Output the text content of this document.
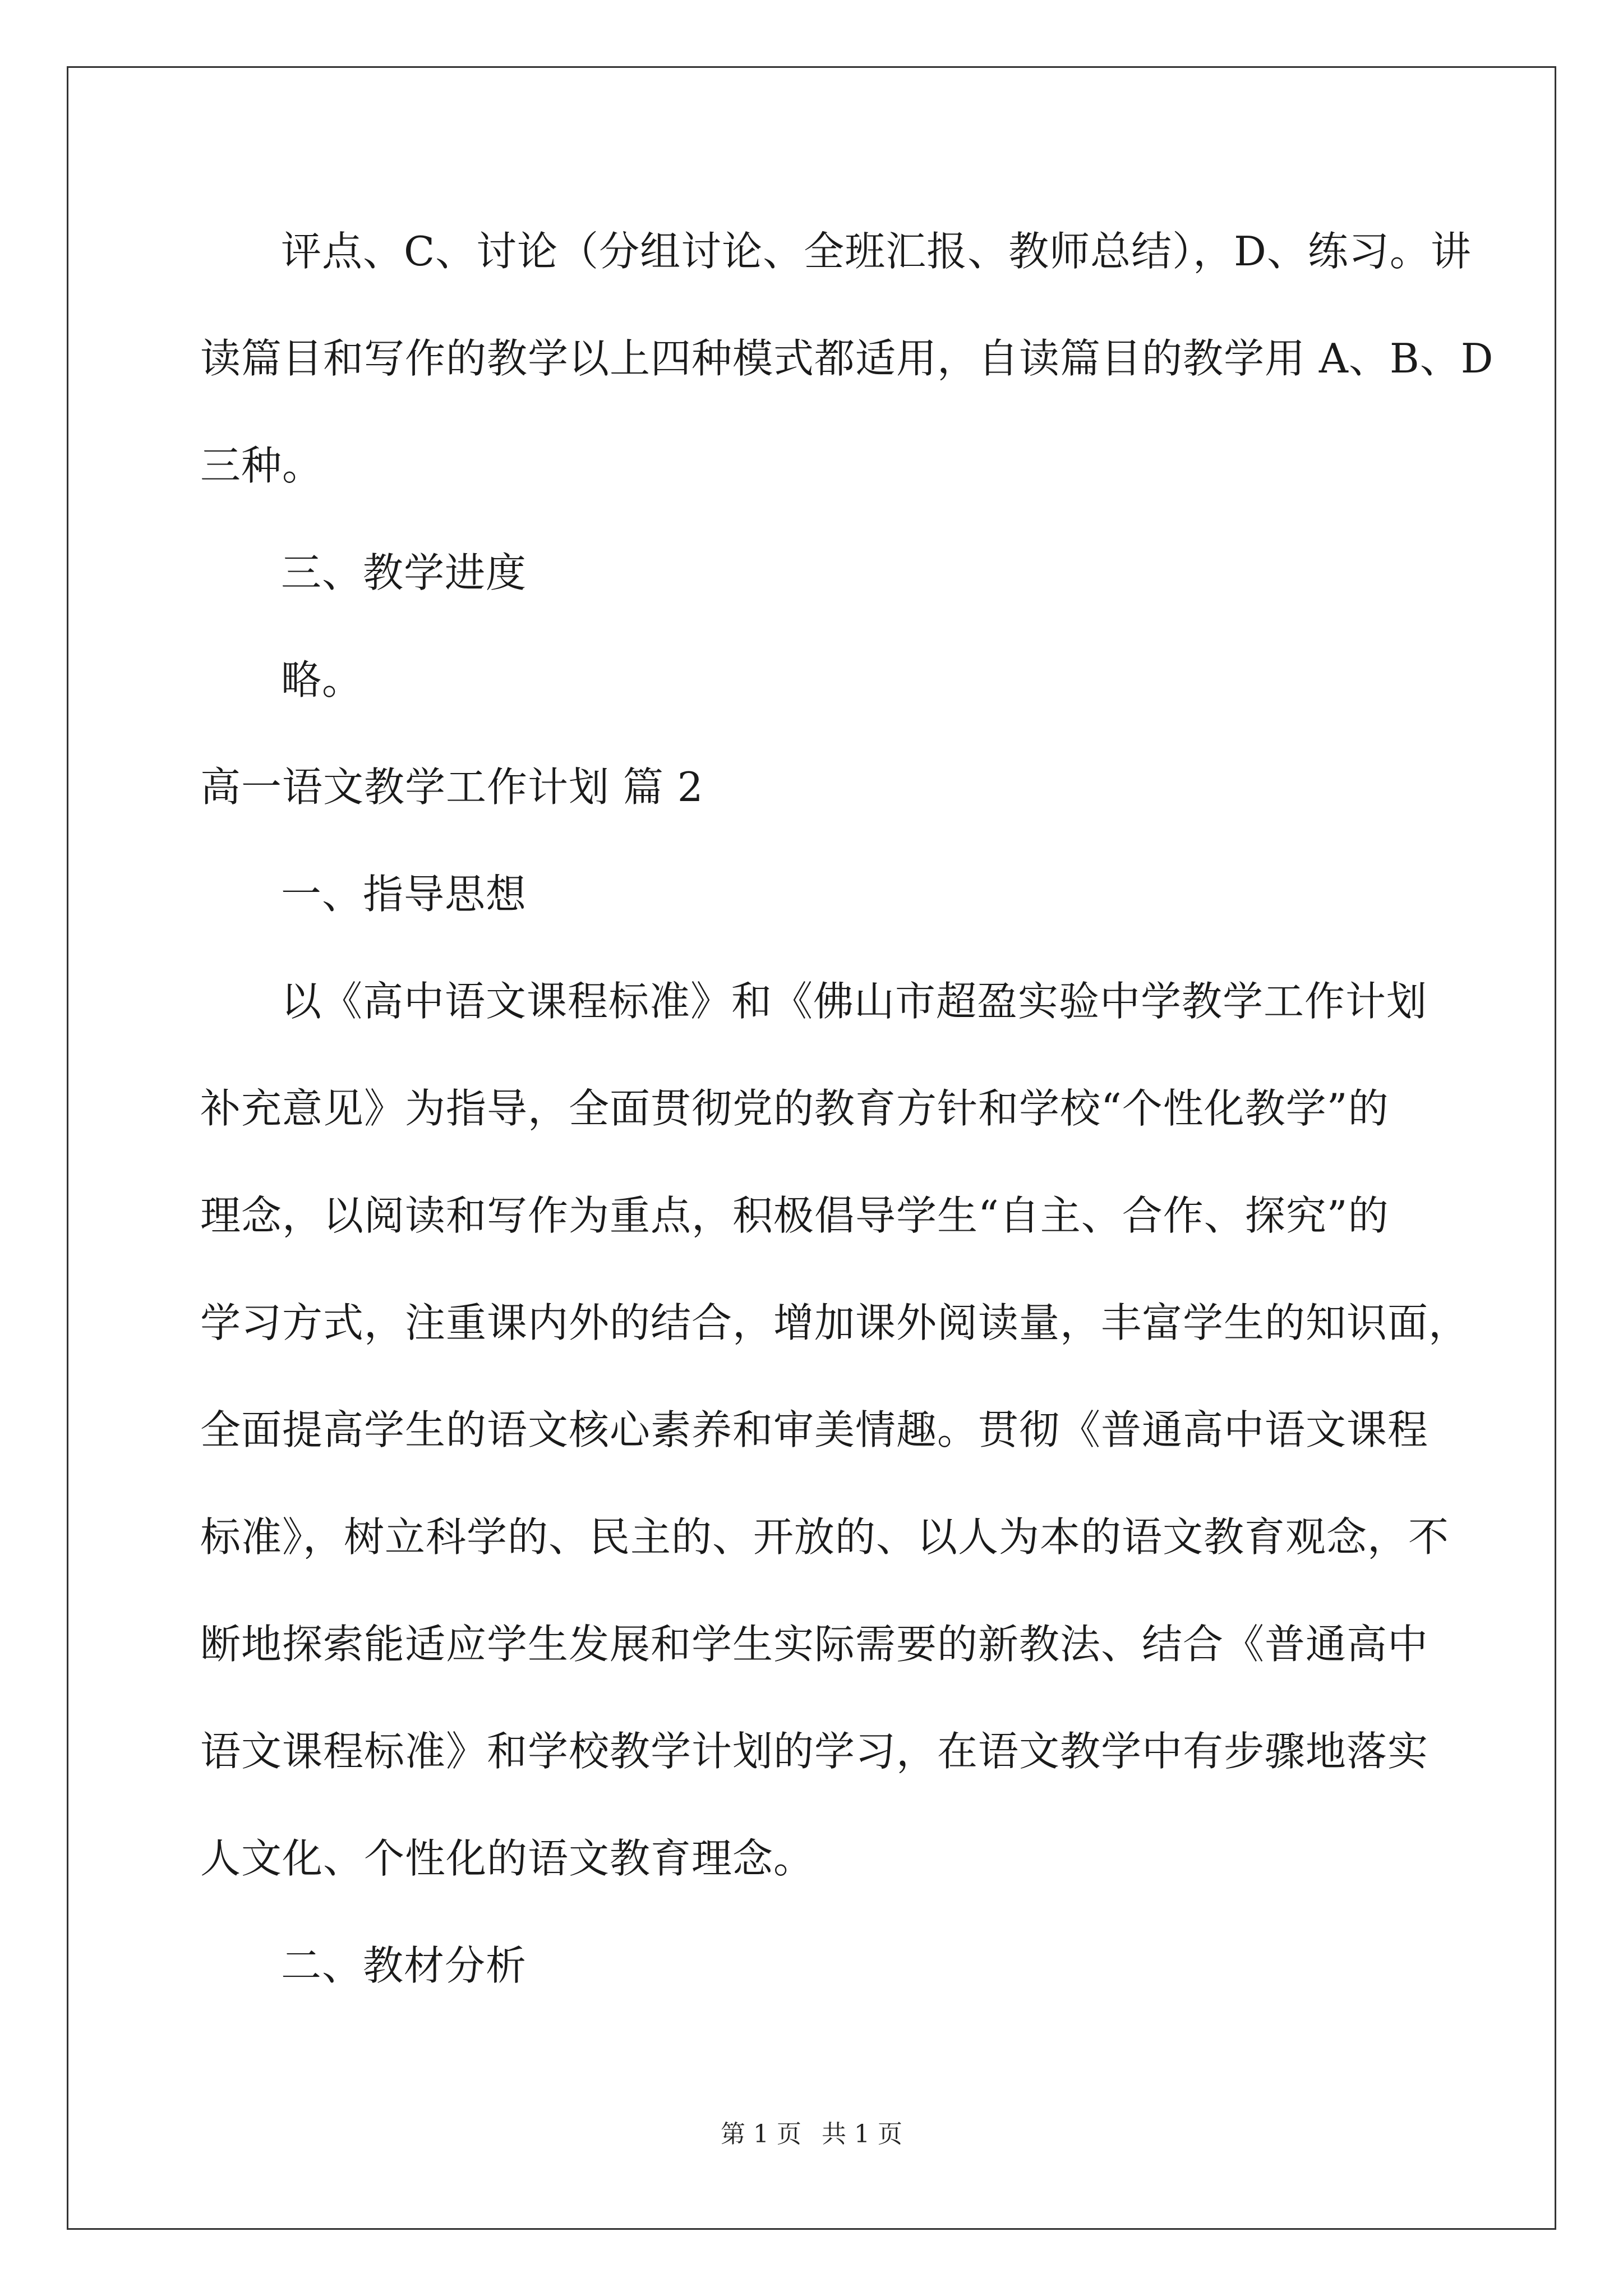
评点、C、讨论（分组讨论、全班汇报、教师总结），D、练习。讲
读篇目和写作的教学以上四种模式都适用，自读篇目的教学用 A、B、D
三种。
三、教学进度
略。
高一语文教学工作计划 篇 2
一、指导思想
以《高中语文课程标准》和《佛山市超盈实验中学教学工作计划
补充意见》为指导，全面贯彻党的教育方针和学校“个性化教学”的
理念，以阅读和写作为重点，积极倡导学生“自主、合作、探究”的
学习方式，注重课内外的结合，增加课外阅读量，丰富学生的知识面，
全面提高学生的语文核心素养和审美情趣。贯彻《普通高中语文课程
标准》，树立科学的、民主的、开放的、以人为本的语文教育观念，不
断地探索能适应学生发展和学生实际需要的新教法、结合《普通高中
语文课程标准》和学校教学计划的学习，在语文教学中有步骤地落实
人文化、个性化的语文教育理念。
二、教材分析
第 1 页 共 1 页
